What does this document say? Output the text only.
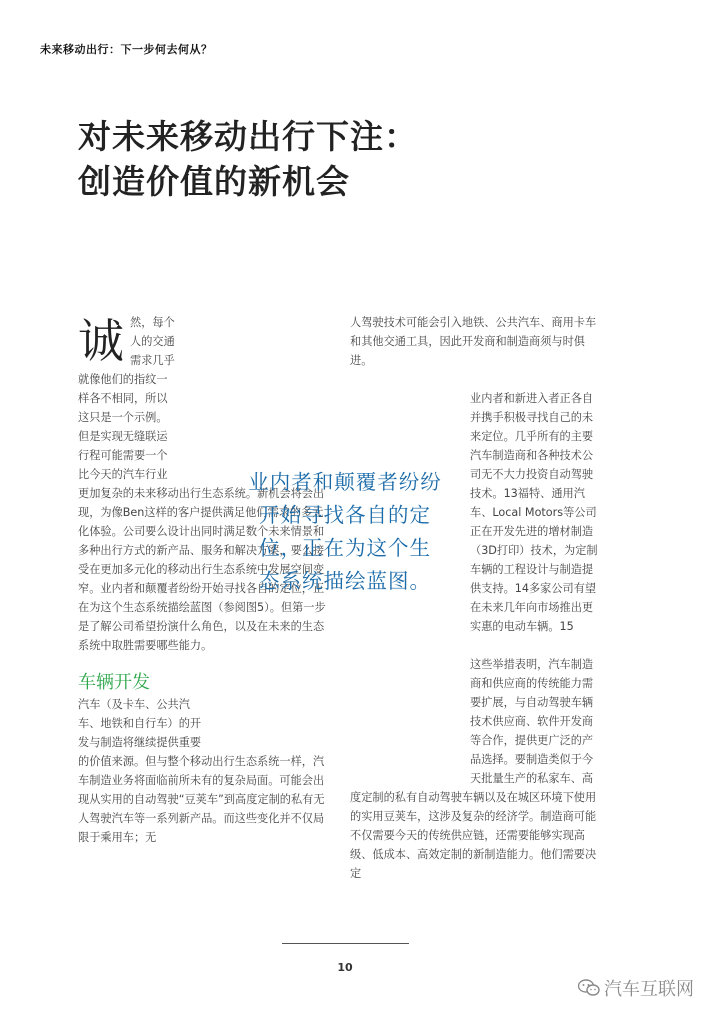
未来移动出行：下一步何去何从？
对未来移动出行下注：
创造价值的新机会
诚 然，每个人的交通需求几乎就像他们的指纹一样各不相同，所以这只是一个示例。但是实现无缝联运行程可能需要一个比今天的汽车行业更加复杂的未来移动出行生态系统。新机会将会出现，为像Ben这样的客户提供满足他们需求的多元化体验。公司要么设计出同时满足数个未来情景和多种出行方式的新产品、服务和解决方案，要么接受在更加多元化的移动出行生态系统中发展空间变窄。业内者和颠覆者纷纷开始寻找各自的定位，正在为这个生态系统描绘蓝图（参阅图5）。但第一步是了解公司希望扮演什么角色，以及在未来的生态系统中取胜需要哪些能力。

车辆开发

汽车（及卡车、公共汽车、地铁和自行车）的开发与制造将继续提供重要的价值来源。但与整个移动出行生态系统一样，汽车制造业务将面临前所未有的复杂局面。可能会出现从实用的自动驾驶“豆荚车”到高度定制的私有无人驾驶汽车等一系列新产品。而这些变化并不仅局限于乘用车；无

人驾驶技术可能会引入地铁、公共汽车、商用卡车和其他交通工具，因此开发商和制造商须与时俱进。

业内者和新进入者正各自并携手积极寻找自己的未来定位。几乎所有的主要汽车制造商和各种技术公司无不大力投资自动驾驶技术。13福特、通用汽车、Local Motors等公司正在开发先进的增材制造（3D打印）技术，为定制车辆的工程设计与制造提供支持。14多家公司有望在未来几年向市场推出更实惠的电动车辆。15

这些举措表明，汽车制造商和供应商的传统能力需要扩展，与自动驾驶车辆技术供应商、软件开发商等合作，提供更广泛的产品选择。要制造类似于今天批量生产的私家车、高度定制的私有自动驾驶车辆以及在城区环境下使用的实用豆荚车，这涉及复杂的经济学。制造商可能不仅需要今天的传统供应链，还需要能够实现高级、低成本、高效定制的新制造能力。他们需要决定

业内者和颠覆者纷纷
开始寻找各自的定
位，正在为这个生
态系统描绘蓝图。
10
汽车互联网
